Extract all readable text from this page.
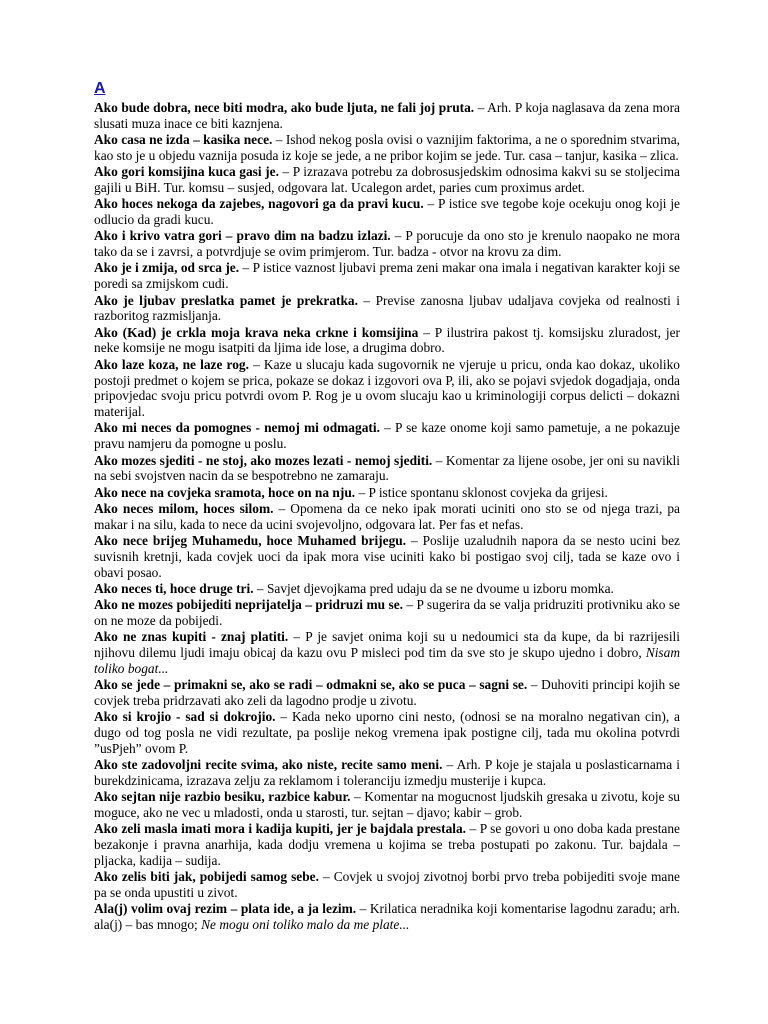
A

Ako bude dobra, nece biti modra, ako bude ljuta, ne fali joj pruta. – Arh. P koja naglasava da zena mora slusati muza inace ce biti kaznjena.

Ako casa ne izda – kasika nece. – Ishod nekog posla ovisi o vaznijim faktorima, a ne o sporednim stvarima, kao sto je u objedu vaznija posuda iz koje se jede, a ne pribor kojim se jede. Tur. casa – tanjur, kasika – zlica.

Ako gori komsijina kuca gasi je. – P izrazava potrebu za dobrosusjedskim odnosima kakvi su se stoljecima gajili u BiH. Tur. komsu – susjed, odgovara lat. Ucalegon ardet, paries cum proximus ardet.

Ako hoces nekoga da zajebes, nagovori ga da pravi kucu. – P istice sve tegobe koje ocekuju onog koji je odlucio da gradi kucu.

Ako i krivo vatra gori – pravo dim na badzu izlazi. – P porucuje da ono sto je krenulo naopako ne mora tako da se i zavrsi, a potvrdjuje se ovim primjerom. Tur. badza - otvor na krovu za dim.

Ako je i zmija, od srca je. – P istice vaznost ljubavi prema zeni makar ona imala i negativan karakter koji se poredi sa zmijskom cudi.

Ako je ljubav preslatka pamet je prekratka. – Previse zanosna ljubav udaljava covjeka od realnosti i razboritog razmisljanja.

Ako (Kad) je crkla moja krava neka crkne i komsijina – P ilustrira pakost tj. komsijsku zluradost, jer neke komsije ne mogu isatpiti da ljima ide lose, a drugima dobro.

Ako laze koza, ne laze rog. – Kaze u slucaju kada sugovornik ne vjeruje u pricu, onda kao dokaz, ukoliko postoji predmet o kojem se prica, pokaze se dokaz i izgovori ova P, ili, ako se pojavi svjedok dogadjaja, onda pripovjedac svoju pricu potvrdi ovom P. Rog je u ovom slucaju kao u kriminologiji corpus delicti – dokazni materijal.

Ako mi neces da pomognes - nemoj mi odmagati. – P se kaze onome koji samo pametuje, a ne pokazuje pravu namjeru da pomogne u poslu.

Ako mozes sjediti - ne stoj, ako mozes lezati - nemoj sjediti. – Komentar za lijene osobe, jer oni su navikli na sebi svojstven nacin da se bespotrebno ne zamaraju.

Ako nece na covjeka sramota, hoce on na nju. – P istice spontanu sklonost covjeka da grijesi.

Ako neces milom, hoces silom. – Opomena da ce neko ipak morati uciniti ono sto se od njega trazi, pa makar i na silu, kada to nece da ucini svojevoljno, odgovara lat. Per fas et nefas.

Ako nece brijeg Muhamedu, hoce Muhamed brijegu. – Poslije uzaludnih napora da se nesto ucini bez suvisnih kretnji, kada covjek uoci da ipak mora vise uciniti kako bi postigao svoj cilj, tada se kaze ovo i obavi posao.

Ako neces ti, hoce druge tri. – Savjet djevojkama pred udaju da se ne dvoume u izboru momka.

Ako ne mozes pobijediti neprijatelja – pridruzi mu se. – P sugerira da se valja pridruziti protivniku ako se on ne moze da pobijedi.

Ako ne znas kupiti - znaj platiti. – P je savjet onima koji su u nedoumici sta da kupe, da bi razrijesili njihovu dilemu ljudi imaju obicaj da kazu ovu P misleci pod tim da sve sto je skupo ujedno i dobro, Nisam toliko bogat...

Ako se jede – primakni se, ako se radi – odmakni se, ako se puca – sagni se. – Duhoviti principi kojih se covjek treba pridrzavati ako zeli da lagodno prodje u zivotu.

Ako si krojio - sad si dokrojio. – Kada neko uporno cini nesto, (odnosi se na moralno negativan cin), a dugo od tog posla ne vidi rezultate, pa poslije nekog vremena ipak postigne cilj, tada mu okolina potvrdi ”usPjeh” ovom P.

Ako ste zadovoljni recite svima, ako niste, recite samo meni. – Arh. P koje je stajala u poslasticarnama i burekdzinicama, izrazava zelju za reklamom i toleranciju izmedju musterije i kupca.

Ako sejtan nije razbio besiku, razbice kabur. – Komentar na mogucnost ljudskih gresaka u zivotu, koje su moguce, ako ne vec u mladosti, onda u starosti, tur. sejtan – djavo; kabir – grob.

Ako zeli masla imati mora i kadija kupiti, jer je bajdala prestala. – P se govori u ono doba kada prestane bezakonje i pravna anarhija, kada dodju vremena u kojima se treba postupati po zakonu. Tur. bajdala – pljacka, kadija – sudija.

Ako zelis biti jak, pobijedi samog sebe. – Covjek u svojoj zivotnoj borbi prvo treba pobijediti svoje mane pa se onda upustiti u zivot.

Ala(j) volim ovaj rezim – plata ide, a ja lezim. – Krilatica neradnika koji komentarise lagodnu zaradu; arh. ala(j) – bas mnogo; Ne mogu oni toliko malo da me plate...
